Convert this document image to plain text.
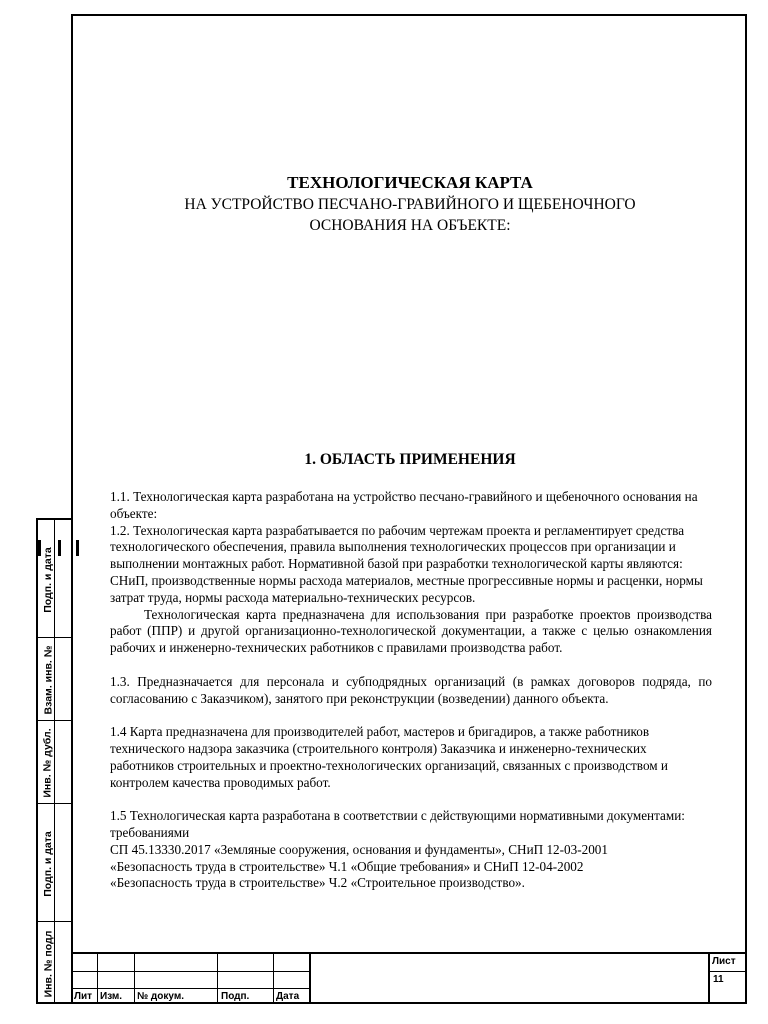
ТЕХНОЛОГИЧЕСКАЯ КАРТА
НА УСТРОЙСТВО ПЕСЧАНО-ГРАВИЙНОГО И ЩЕБЕНОЧНОГО
ОСНОВАНИЯ НА ОБЪЕКТЕ:
1. ОБЛАСТЬ ПРИМЕНЕНИЯ

1.1. Технологическая карта разработана на устройство песчано-гравийного и щебеночного основания на объекте:

1.2. Технологическая карта разрабатывается по рабочим чертежам проекта и регламентирует средства технологического обеспечения, правила выполнения технологических процессов при организации и выполнении монтажных работ. Нормативной базой при разработки технологической карты являются: СНиП, производственные нормы расхода материалов, местные прогрессивные нормы и расценки, нормы затрат труда, нормы расхода материально-технических ресурсов.

Технологическая карта предназначена для использования при разработке проектов производства работ (ППР) и другой организационно-технологической документации, а также с целью ознакомления рабочих и инженерно-технических работников с правилами производства работ.

1.3. Предназначается для персонала и субподрядных организаций (в рамках договоров подряда, по согласованию с Заказчиком), занятого при реконструкции (возведении) данного объекта.

1.4 Карта предназначена для производителей работ, мастеров и бригадиров, а также работников технического надзора заказчика (строительного контроля) Заказчика и инженерно-технических работников строительных и проектно-технологических организаций, связанных с производством и контролем качества проводимых работ.

1.5 Технологическая карта разработана в соответствии с действующими нормативными документами: требованиями

СП 45.13330.2017 «Земляные сооружения, основания и фундаменты», СНиП 12-03-2001

«Безопасность труда в строительстве» Ч.1 «Общие требования» и СНиП 12-04-2002

«Безопасность труда в строительстве» Ч.2 «Строительное производство».

Подп. и дата
Взам. инв. №
Инв. № дубл.
Подп. и дата
Инв. № подл Лит Изм. № докум.	Подп.	Дата
Лист
11
